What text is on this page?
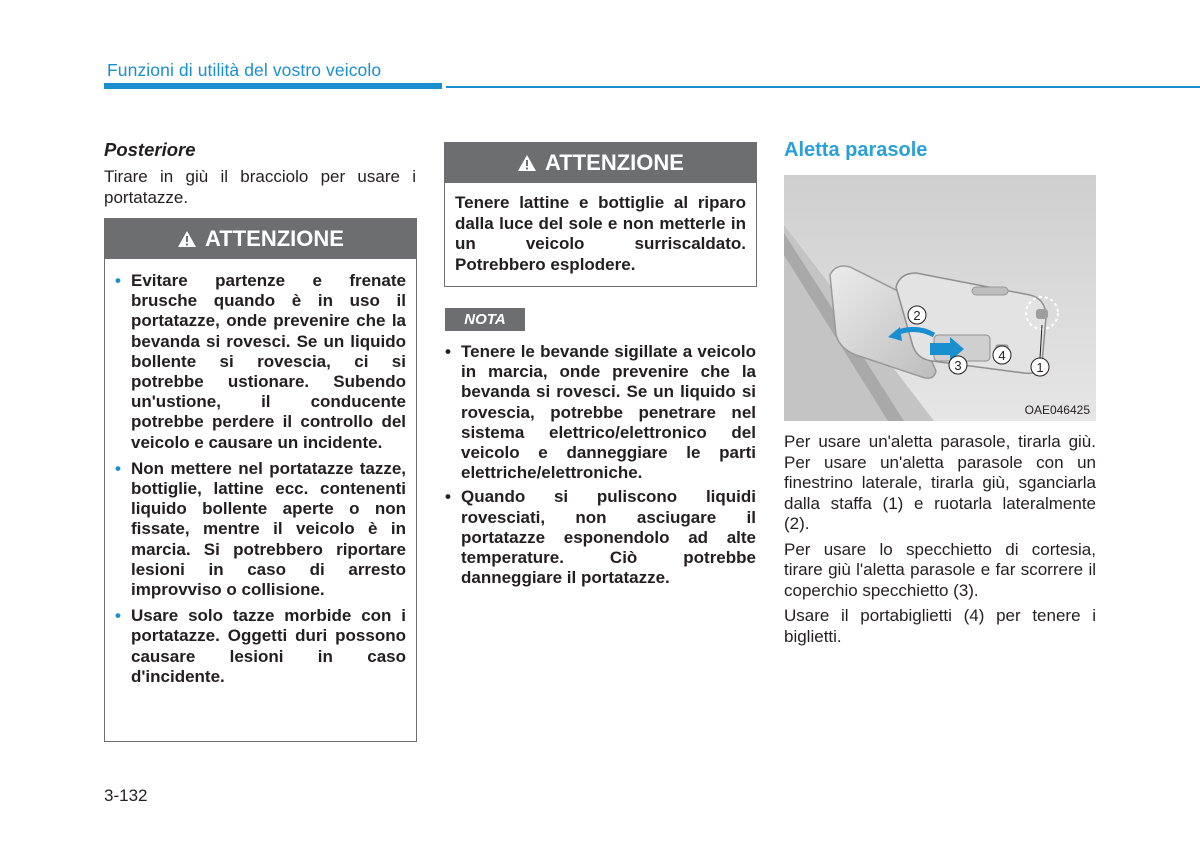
Funzioni di utilità del vostro veicolo
Posteriore
Tirare in giù il bracciolo per usare i portatazze.
ATTENZIONE
• Evitare partenze e frenate brusche quando è in uso il portatazze, onde prevenire che la bevanda si rovesci. Se un liquido bollente si rovescia, ci si potrebbe ustionare. Subendo un'ustione, il conducente potrebbe perdere il controllo del veicolo e causare un incidente.
• Non mettere nel portatazze tazze, bottiglie, lattine ecc. contenenti liquido bollente aperte o non fissate, mentre il veicolo è in marcia. Si potrebbero riportare lesioni in caso di arresto improvviso o collisione.
• Usare solo tazze morbide con i portatazze. Oggetti duri possono causare lesioni in caso d'incidente.
ATTENZIONE
Tenere lattine e bottiglie al riparo dalla luce del sole e non metterle in un veicolo surriscaldato. Potrebbero esplodere.
NOTA
• Tenere le bevande sigillate a veicolo in marcia, onde prevenire che la bevanda si rovesci. Se un liquido si rovescia, potrebbe penetrare nel sistema elettrico/elettronico del veicolo e danneggiare le parti elettriche/elettroniche.
• Quando si puliscono liquidi rovesciati, non asciugare il portatazze esponendolo ad alte temperature. Ciò potrebbe danneggiare il portatazze.
Aletta parasole
2
3
4
1
OAE046425

Per usare un'aletta parasole, tirarla giù. Per usare un'aletta parasole con un finestrino laterale, tirarla giù, sganciarla dalla staffa (1) e ruotarla lateralmente (2).

Per usare lo specchietto di cortesia, tirare giù l'aletta parasole e far scorrere il coperchio specchietto (3).

Usare il portabiglietti (4) per tenere i biglietti.

3-132
